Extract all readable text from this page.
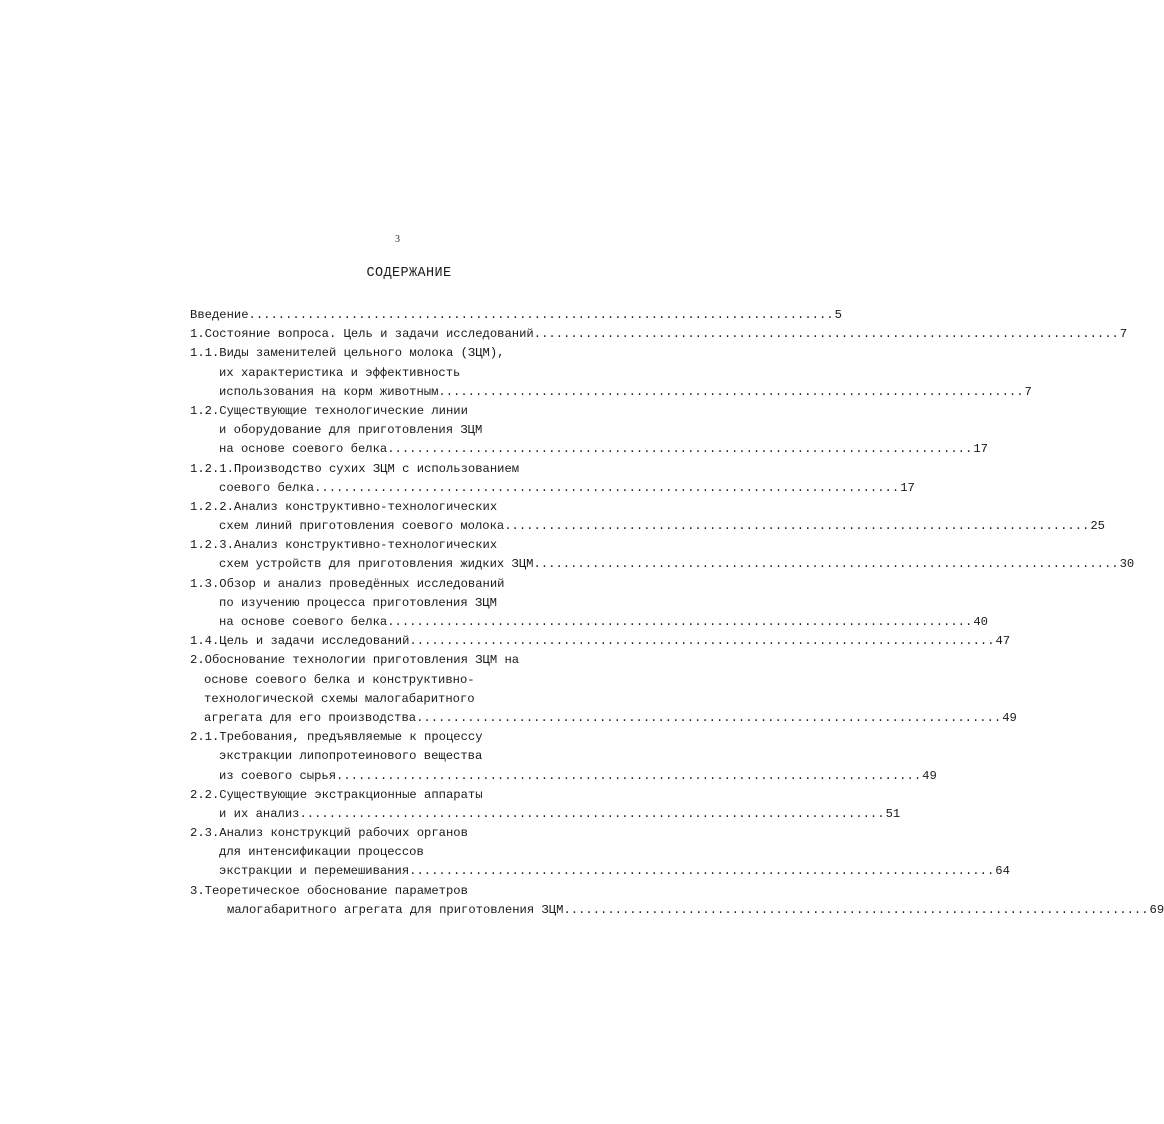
3
СОДЕРЖАНИЕ
Введение ................................................................................ 5
1.Состояние вопроса. Цель и задачи исследований ................................................................................ 7
1.1.Виды заменителей цельного молока (ЗЦМ),
их характеристика и эффективность
использования на корм животным ................................................................................ 7
1.2.Существующие технологические линии
и оборудование для приготовления ЗЦМ
на основе соевого белка ................................................................................ 17
1.2.1.Производство сухих ЗЦМ с использованием
соевого белка ................................................................................ 17
1.2.2.Анализ конструктивно-технологических
схем линий приготовления соевого молока ................................................................................ 25
1.2.3.Анализ конструктивно-технологических
схем устройств для приготовления жидких ЗЦМ ................................................................................ 30
1.3.Обзор и анализ проведённых исследований
по изучению процесса приготовления ЗЦМ
на основе соевого белка ................................................................................ 40
1.4.Цель и задачи исследований ................................................................................ 47
2.Обоснование технологии приготовления ЗЦМ на
основе соевого белка и конструктивно-
технологической схемы малогабаритного
агрегата для его производства ................................................................................ 49
2.1.Требования, предъявляемые к процессу
экстракции липопротеинового вещества
из соевого сырья ................................................................................ 49
2.2.Существующие экстракционные аппараты
и их анализ ................................................................................ 51
2.3.Анализ конструкций рабочих органов
для интенсификации процессов
экстракции и перемешивания ................................................................................ 64
3.Теоретическое обоснование параметров
малогабаритного агрегата для приготовления ЗЦМ ................................................................................ 69
